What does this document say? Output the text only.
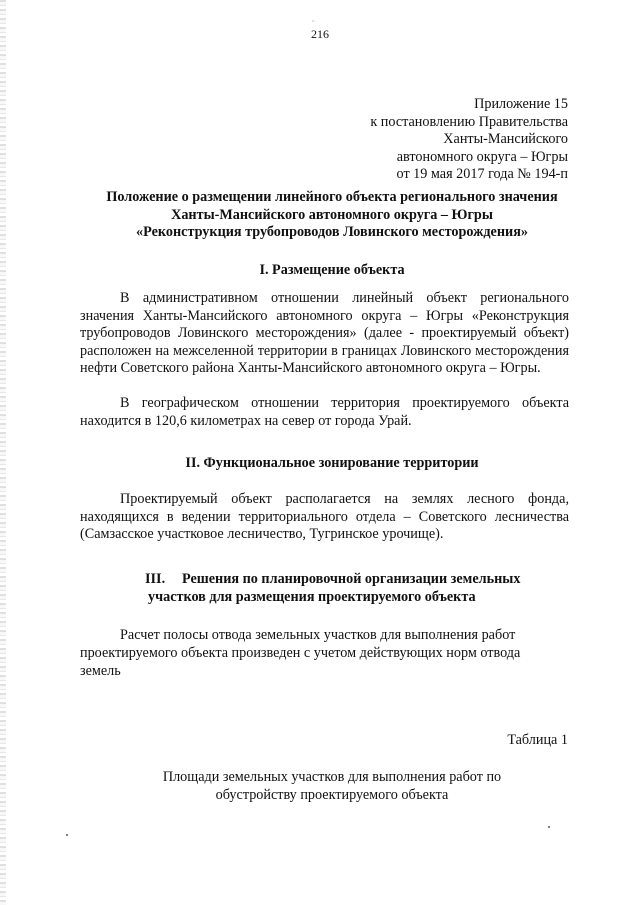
ˬ
216
Приложение 15
к постановлению Правительства
Ханты-Мансийского
автономного округа – Югры
от 19 мая 2017 года № 194-п
Положение о размещении линейного объекта регионального значения
Ханты-Мансийского автономного округа – Югры
«Реконструкция трубопроводов Ловинского месторождения»
I. Размещение объекта

В административном отношении линейный объект регионального значения Ханты-Мансийского автономного округа – Югры «Реконструкция трубопроводов Ловинского месторождения» (далее - проектируемый объект) расположен на межселенной территории в границах Ловинского месторождения нефти Советского района Ханты-Мансийского автономного округа – Югры.

В географическом отношении территория проектируемого объекта находится в 120,6 километрах на север от города Урай.

II. Функциональное зонирование территории

Проектируемый объект располагается на землях лесного фонда, находящихся в ведении территориального отдела – Советского лесничества (Самзасское участковое лесничество, Тугринское урочище).

III. Решения по планировочной организации земельных
участков для размещения проектируемого объекта
Расчет полосы отвода земельных участков для выполнения работ
проектируемого объекта произведен с учетом действующих норм отвода
земель
Таблица 1
Площади земельных участков для выполнения работ по
обустройству проектируемого объекта
